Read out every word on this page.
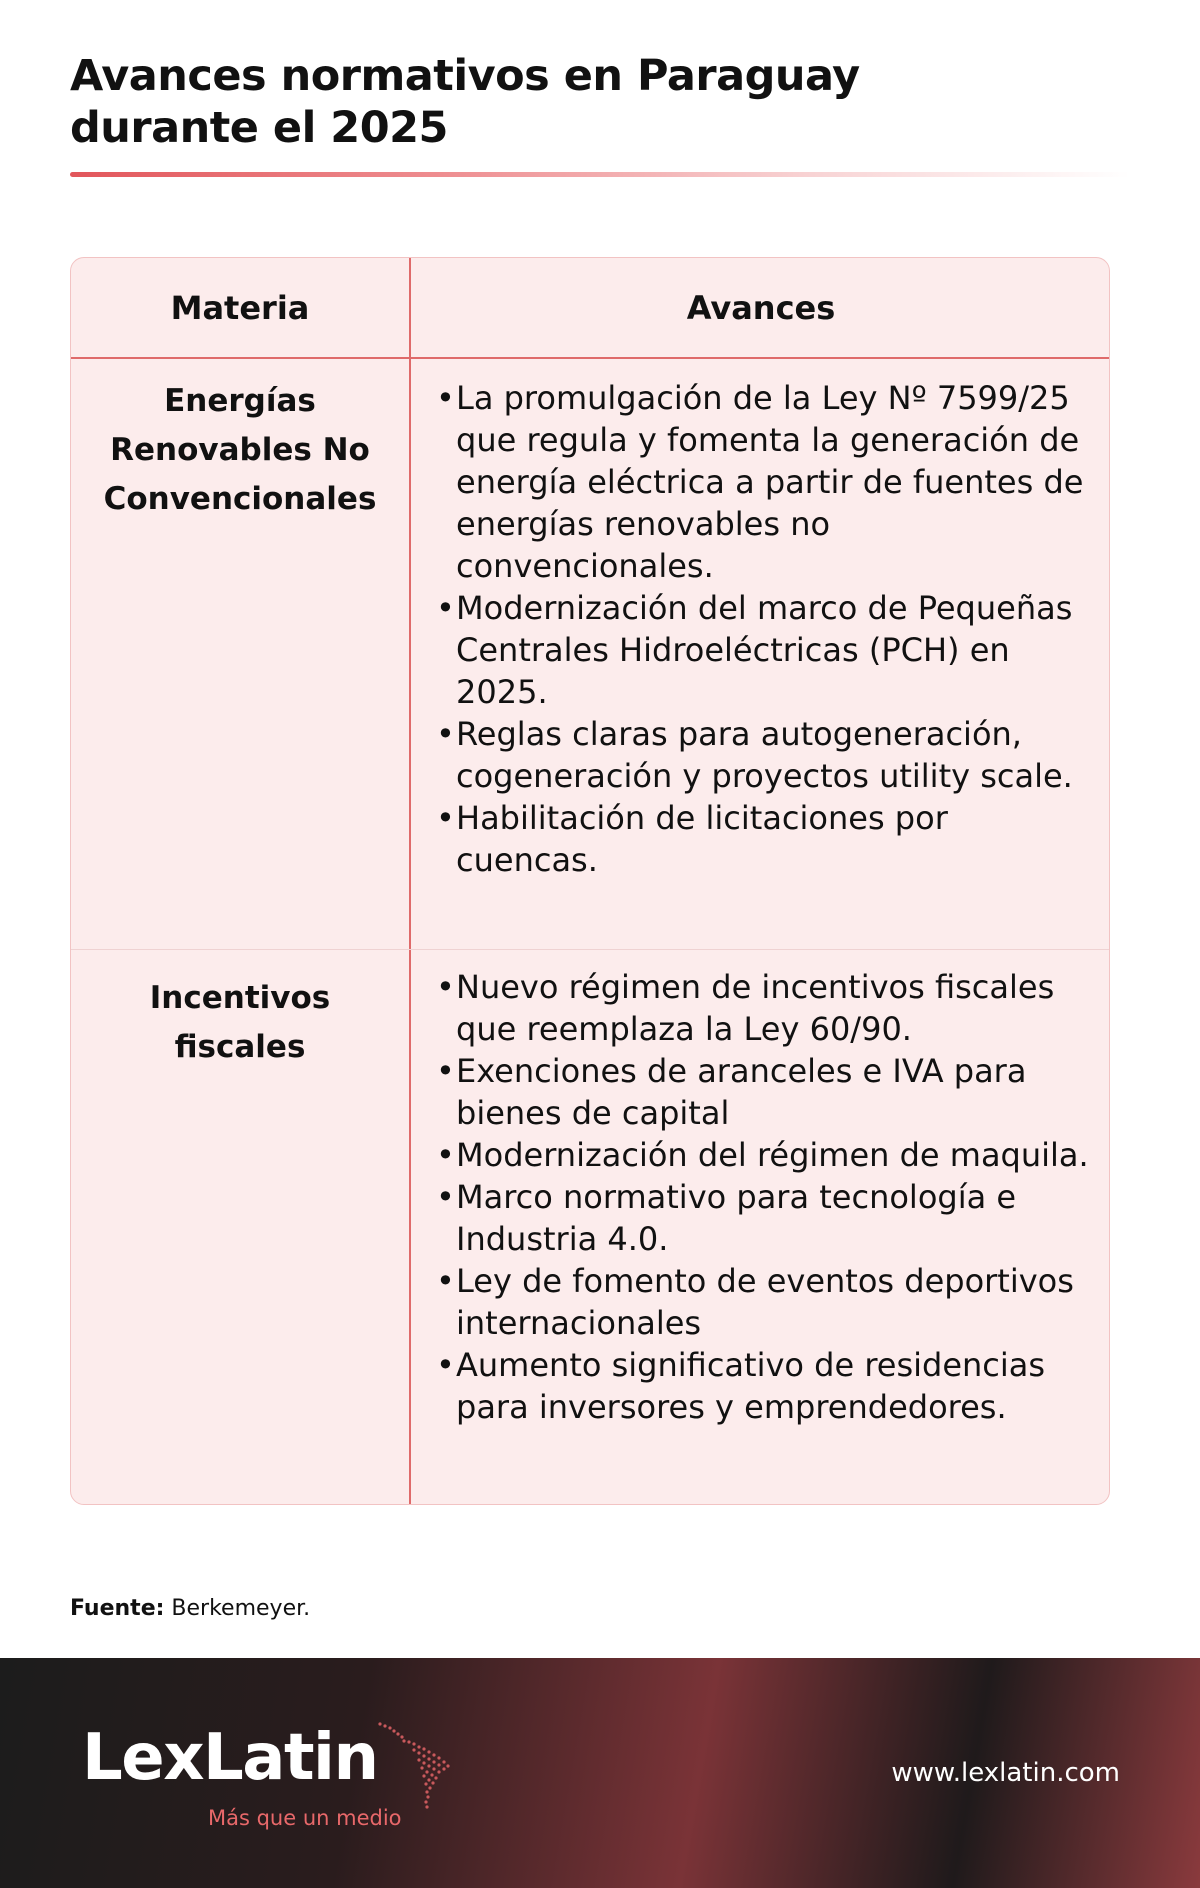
Avances normativos en Paraguay
durante el 2025
Materia	Avances
Energías Renovables No Convencionales
• La promulgación de la Ley Nº 7599/25 que regula y fomenta la generación de energía eléctrica a partir de fuentes de energías renovables no convencionales.
• Modernización del marco de Pequeñas Centrales Hidroeléctricas (PCH) en 2025.
• Reglas claras para autogeneración, cogeneración y proyectos utility scale.
• Habilitación de licitaciones por cuencas.
Incentivos fiscales
• Nuevo régimen de incentivos fiscales que reemplaza la Ley 60/90.
• Exenciones de aranceles e IVA para bienes de capital
• Modernización del régimen de maquila.
• Marco normativo para tecnología e Industria 4.0.
• Ley de fomento de eventos deportivos internacionales
• Aumento significativo de residencias para inversores y emprendedores.
Fuente: Berkemeyer.
LexLatin
Más que un medio
www.lexlatin.com
